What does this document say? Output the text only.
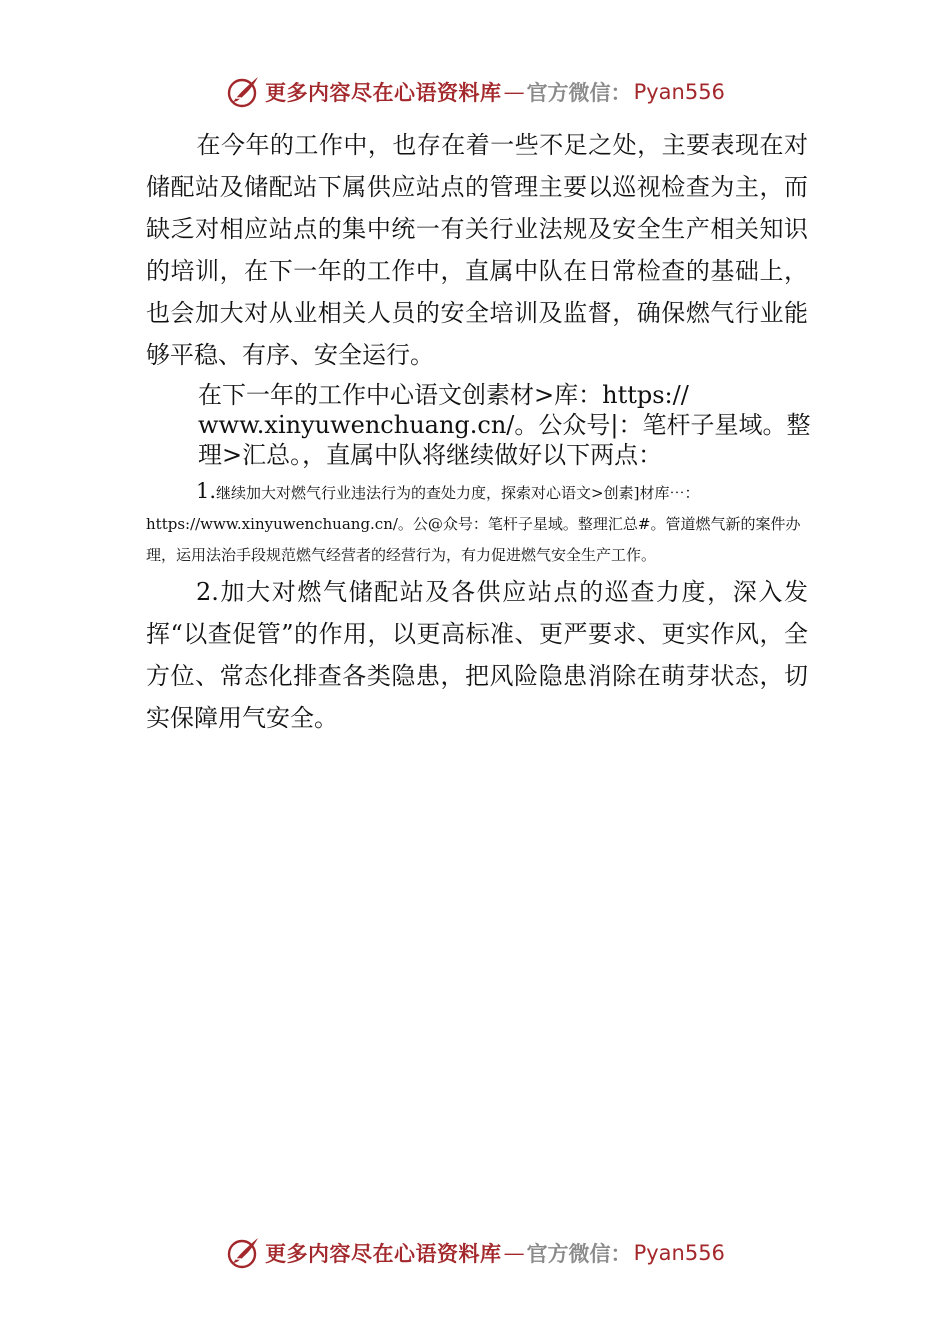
更多内容尽在心语资料库 — 官方微信： Pyan556

在今年的工作中，也存在着一些不足之处，主要表现在对储配站及储配站下属供应站点的管理主要以巡视检查为主，而缺乏对相应站点的集中统一有关行业法规及安全生产相关知识的培训，在下一年的工作中，直属中队在日常检查的基础上，也会加大对从业相关人员的安全培训及监督，确保燃气行业能够平稳、有序、安全运行。

在下一年的工作中心语文创素材>库：https:// www.xinyuwenchuang.cn/。公众号|：笔杆子星域。整理>汇总。，直属中队将继续做好以下两点：

1.继续加大对燃气行业违法行为的查处力度，探索对心语文>创素]材库⋯：https://www.xinyuwenchuang.cn/。公@众号：笔杆子星域。整理汇总#。管道燃气新的案件办理，运用法治手段规范燃气经营者的经营行为，有力促进燃气安全生产工作。

2.加大对燃气储配站及各供应站点的巡查力度，深入发挥“以查促管”的作用，以更高标准、更严要求、更实作风，全方位、常态化排查各类隐患，把风险隐患消除在萌芽状态，切实保障用气安全。

更多内容尽在心语资料库 — 官方微信： Pyan556
